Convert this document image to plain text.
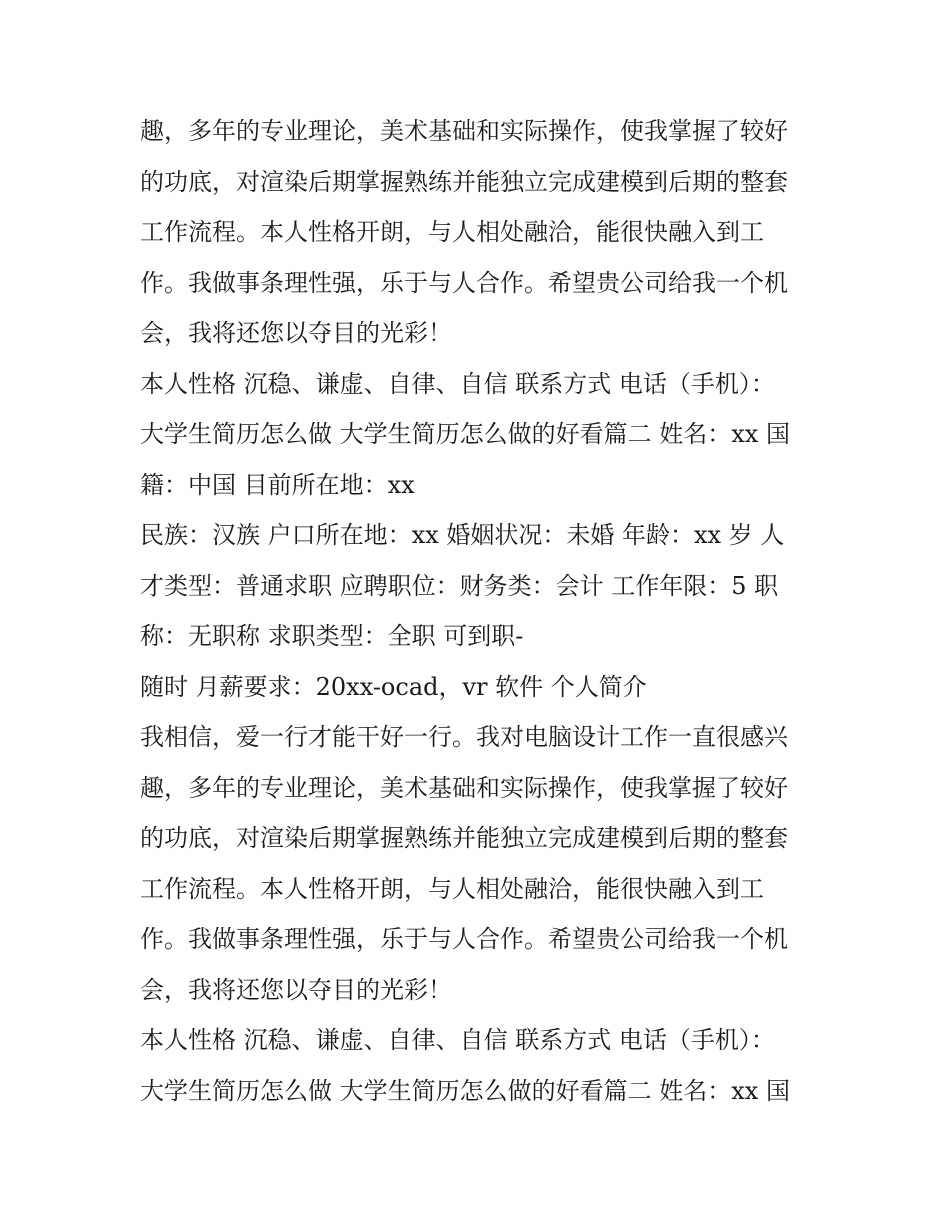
趣，多年的专业理论，美术基础和实际操作，使我掌握了较好
的功底，对渲染后期掌握熟练并能独立完成建模到后期的整套
工作流程。本人性格开朗，与人相处融洽，能很快融入到工
作。我做事条理性强，乐于与人合作。希望贵公司给我一个机
会，我将还您以夺目的光彩！
本人性格 沉稳、谦虚、自律、自信 联系方式 电话（手机）：
大学生简历怎么做 大学生简历怎么做的好看篇二 姓名：xx 国
籍：中国 目前所在地：xx
民族：汉族 户口所在地：xx 婚姻状况：未婚 年龄：xx 岁 人
才类型：普通求职 应聘职位：财务类：会计 工作年限：5 职
称：无职称 求职类型：全职 可到职-
随时 月薪要求：20xx-ocad，vr 软件 个人简介
我相信，爱一行才能干好一行。我对电脑设计工作一直很感兴
趣，多年的专业理论，美术基础和实际操作，使我掌握了较好
的功底，对渲染后期掌握熟练并能独立完成建模到后期的整套
工作流程。本人性格开朗，与人相处融洽，能很快融入到工
作。我做事条理性强，乐于与人合作。希望贵公司给我一个机
会，我将还您以夺目的光彩！
本人性格 沉稳、谦虚、自律、自信 联系方式 电话（手机）：
大学生简历怎么做 大学生简历怎么做的好看篇二 姓名：xx 国
